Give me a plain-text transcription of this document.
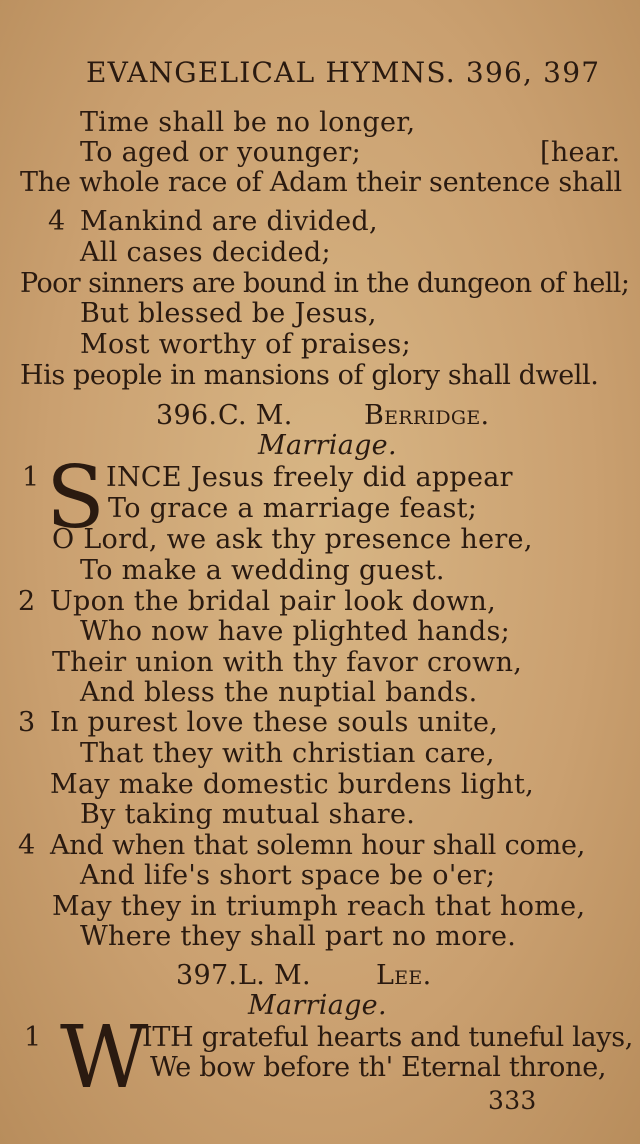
EVANGELICAL HYMNS. 396, 397
Time shall be no longer,
To aged or younger;	[hear.
The whole race of Adam their sentence shall
4 Mankind are divided,
All cases decided;
Poor sinners are bound in the dungeon of hell;
But blessed be Jesus,
Most worthy of praises;
His people in mansions of glory shall dwell.
396. C. M.	Berridge.
Marriage.
1 S INCE Jesus freely did appear
To grace a marriage feast;
O Lord, we ask thy presence here,
To make a wedding guest.
2 Upon the bridal pair look down,
Who now have plighted hands;
Their union with thy favor crown,
And bless the nuptial bands.
3 In purest love these souls unite,
That they with christian care,
May make domestic burdens light,
By taking mutual share.
4 And when that solemn hour shall come,
And life's short space be o'er;
May they in triumph reach that home,
Where they shall part no more.
397. L. M. Lee.
Marriage.
1 W
ITH grateful hearts and tuneful lays,
We bow before th' Eternal throne,
333
